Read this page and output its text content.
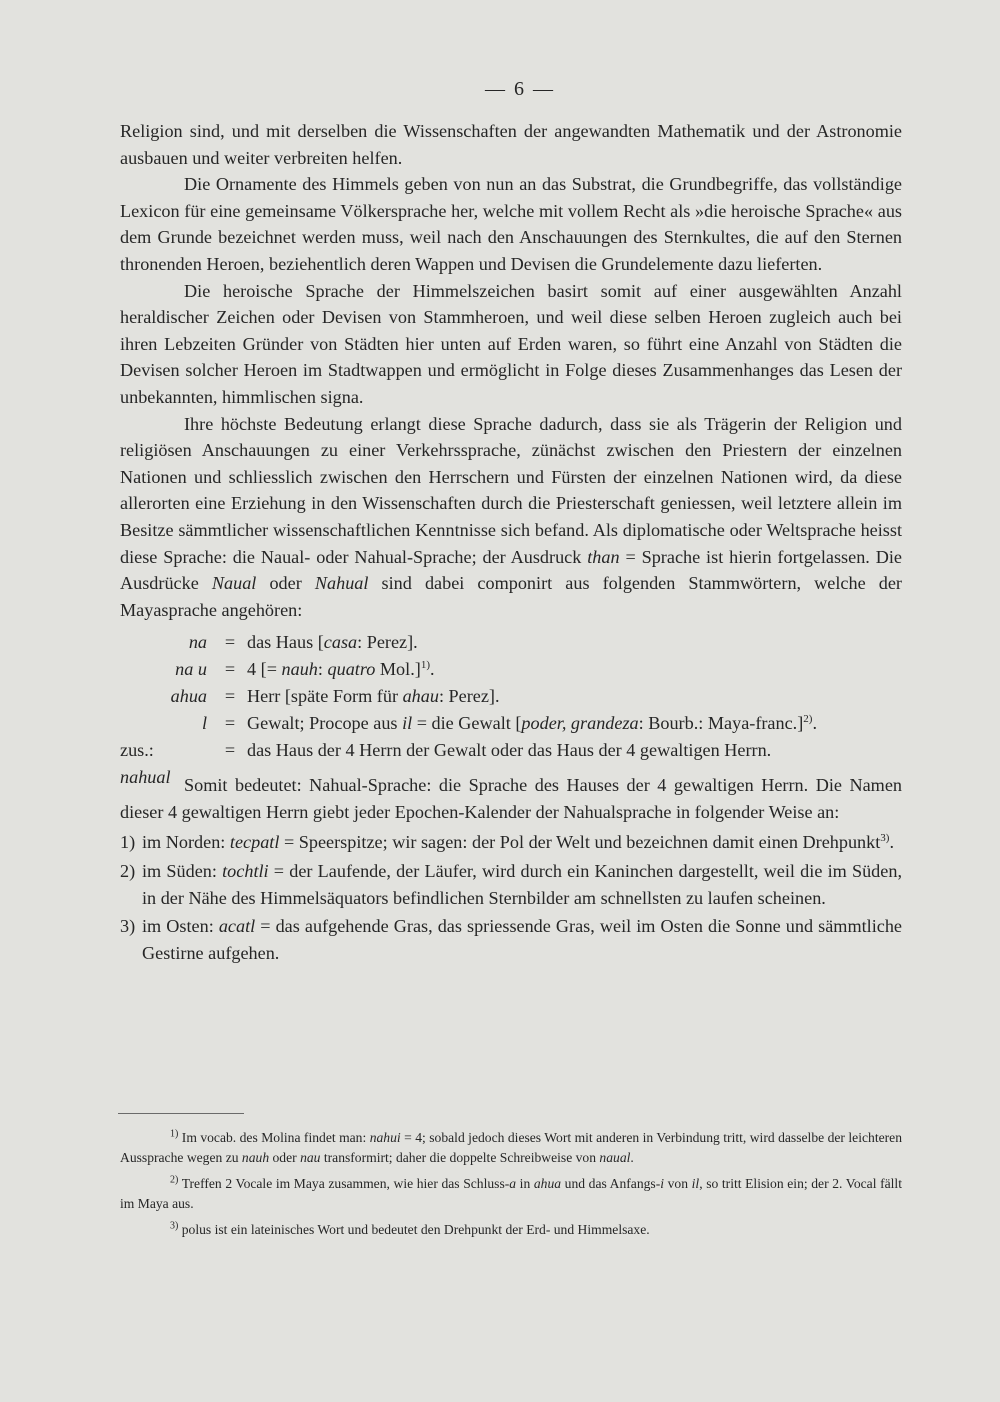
— 6 —

Religion sind, und mit derselben die Wissenschaften der angewandten Mathematik und der Astronomie ausbauen und weiter verbreiten helfen.

Die Ornamente des Himmels geben von nun an das Substrat, die Grundbegriffe, das vollständige Lexicon für eine gemeinsame Völkersprache her, welche mit vollem Recht als »die heroische Sprache« aus dem Grunde bezeichnet werden muss, weil nach den Anschauungen des Sternkultes, die auf den Sternen thronenden Heroen, beziehentlich deren Wappen und Devisen die Grundelemente dazu lieferten.

Die heroische Sprache der Himmelszeichen basirt somit auf einer ausgewählten Anzahl heraldischer Zeichen oder Devisen von Stammheroen, und weil diese selben Heroen zugleich auch bei ihren Lebzeiten Gründer von Städten hier unten auf Erden waren, so führt eine Anzahl von Städten die Devisen solcher Heroen im Stadtwappen und ermöglicht in Folge dieses Zusammenhanges das Lesen der unbekannten, himmlischen signa.

Ihre höchste Bedeutung erlangt diese Sprache dadurch, dass sie als Trägerin der Religion und religiösen Anschauungen zu einer Verkehrssprache, zünächst zwischen den Priestern der einzelnen Nationen und schliesslich zwischen den Herrschern und Fürsten der einzelnen Nationen wird, da diese allerorten eine Erziehung in den Wissenschaften durch die Priesterschaft geniessen, weil letztere allein im Besitze sämmtlicher wissenschaftlichen Kenntnisse sich befand. Als diplomatische oder Weltsprache heisst diese Sprache: die Naual- oder Nahual-Sprache; der Ausdruck than = Sprache ist hierin fortgelassen. Die Ausdrücke Naual oder Nahual sind dabei componirt aus folgenden Stammwörtern, welche der Mayasprache angehören:

na = das Haus [casa: Perez].
na u = 4 [= nauh: quatro Mol.]$^{1)}$.
ahua = Herr [späte Form für ahau: Perez].
l = Gewalt; Procope aus il = die Gewalt [poder, grandeza: Bourb.: Maya-franc.]$^{2)}$.
zus.: nahual
= das Haus der 4 Herrn der Gewalt oder das Haus der 4 gewaltigen Herrn.

Somit bedeutet: Nahual-Sprache: die Sprache des Hauses der 4 gewaltigen Herrn. Die Namen dieser 4 gewaltigen Herrn giebt jeder Epochen-Kalender der Nahualsprache in folgender Weise an:

1) im Norden: tecpatl = Speerspitze; wir sagen: der Pol der Welt und bezeichnen damit einen Drehpunkt$^{3)}$.
2) im Süden: tochtli = der Laufende, der Läufer, wird durch ein Kaninchen dargestellt, weil die im Süden, in der Nähe des Himmelsäquators befindlichen Sternbilder am schnellsten zu laufen scheinen.
3) im Osten: acatl = das aufgehende Gras, das spriessende Gras, weil im Osten die Sonne und sämmtliche Gestirne aufgehen.

$^{1)}$ Im vocab. des Molina findet man: nahui = 4; sobald jedoch dieses Wort mit anderen in Verbindung tritt, wird dasselbe der leichteren Aussprache wegen zu nauh oder nau transformirt; daher die doppelte Schreibweise von naual.

$^{2)}$ Treffen 2 Vocale im Maya zusammen, wie hier das Schluss-a in ahua und das Anfangs-i von il, so tritt Elision ein; der 2. Vocal fällt im Maya aus.

$^{3)}$ polus ist ein lateinisches Wort und bedeutet den Drehpunkt der Erd- und Himmelsaxe.
